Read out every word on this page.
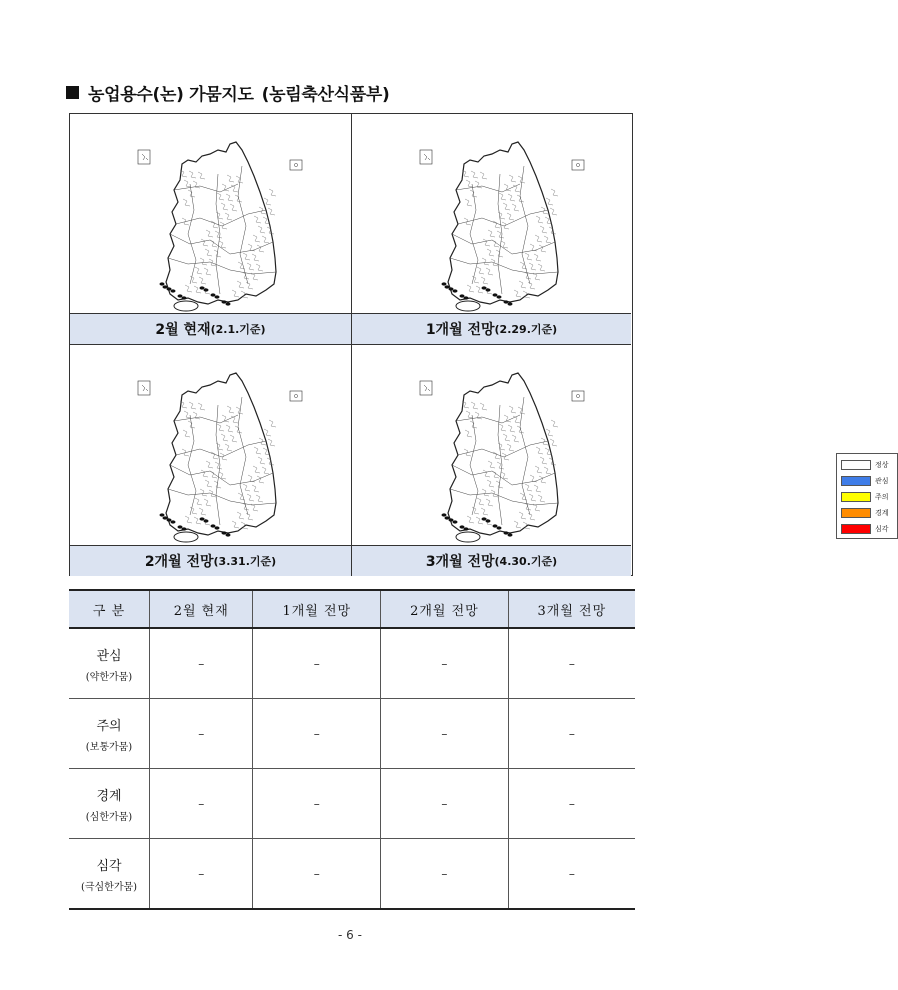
농업용수(논) 가뭄지도 (농림축산식품부)
2월 현재 (2.1.기준)	1개월 전망 (2.29.기준)
2개월 전망 (3.31.기준)	3개월 전망 (4.30.기준)
정상
관심
주의
경계
심각
구 분	2월 현재	1개월 전망	2개월 전망	3개월 전망

관심
(약한가뭄)	–	–	–	–

주의
(보통가뭄)	–	–	–	–

경계
(심한가뭄)	–	–	–	–

심각
(극심한가뭄)	–	–	–	–
- 6 -
